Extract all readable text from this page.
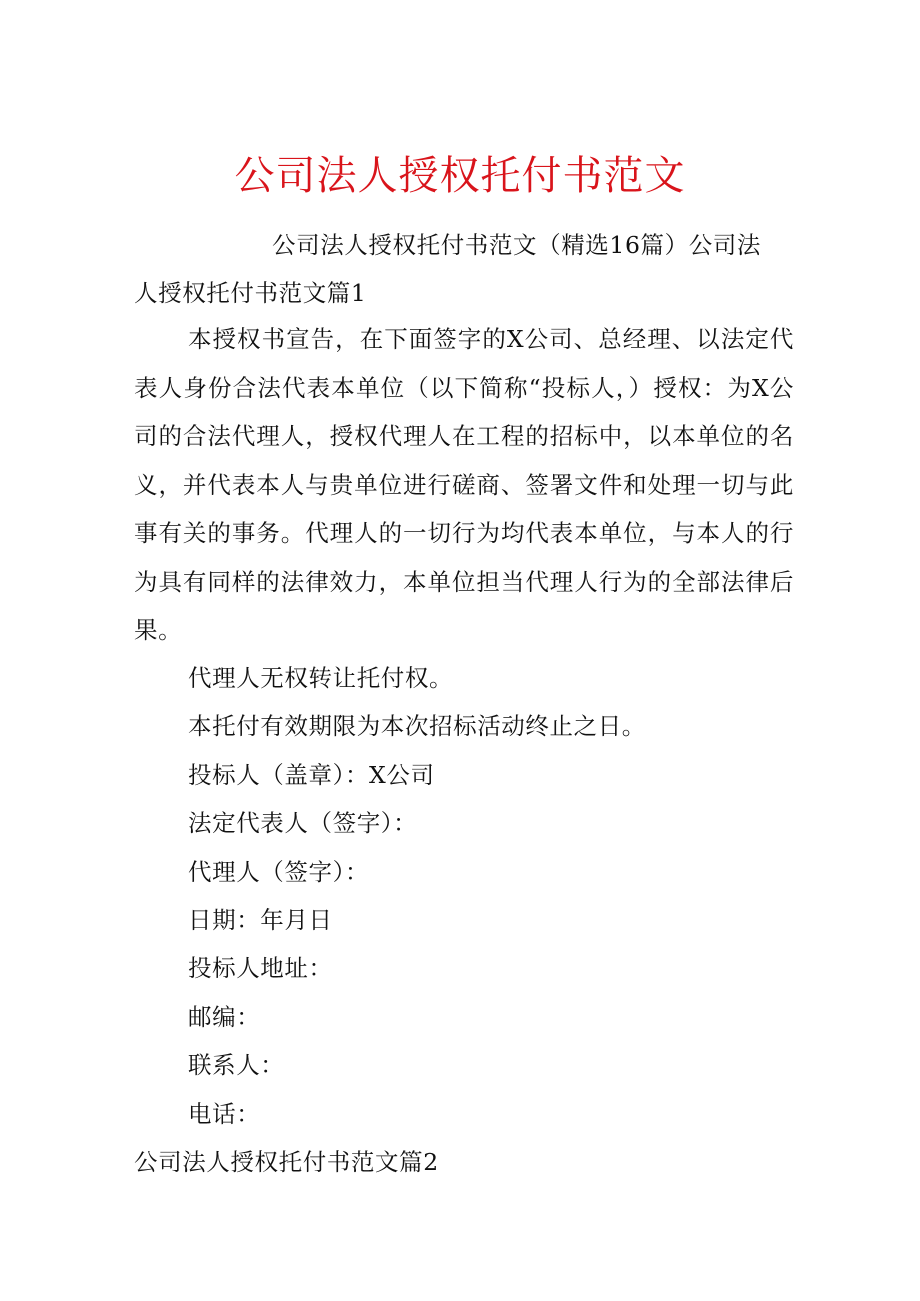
公司法人授权托付书范文
公司法人授权托付书范文（精选16篇）公司法
人授权托付书范文篇1
本授权书宣告，在下面签字的X公司、总经理、以法定代表人身份合法代表本单位（以下简称“投标人，）授权：为X公司的合法代理人，授权代理人在工程的招标中，以本单位的名义，并代表本人与贵单位进行磋商、签署文件和处理一切与此事有关的事务。代理人的一切行为均代表本单位，与本人的行为具有同样的法律效力，本单位担当代理人行为的全部法律后果。
代理人无权转让托付权。
本托付有效期限为本次招标活动终止之日。
投标人（盖章）：X公司
法定代表人（签字）：
代理人（签字）：
日期：年月日
投标人地址：
邮编：
联系人：
电话：
公司法人授权托付书范文篇2
